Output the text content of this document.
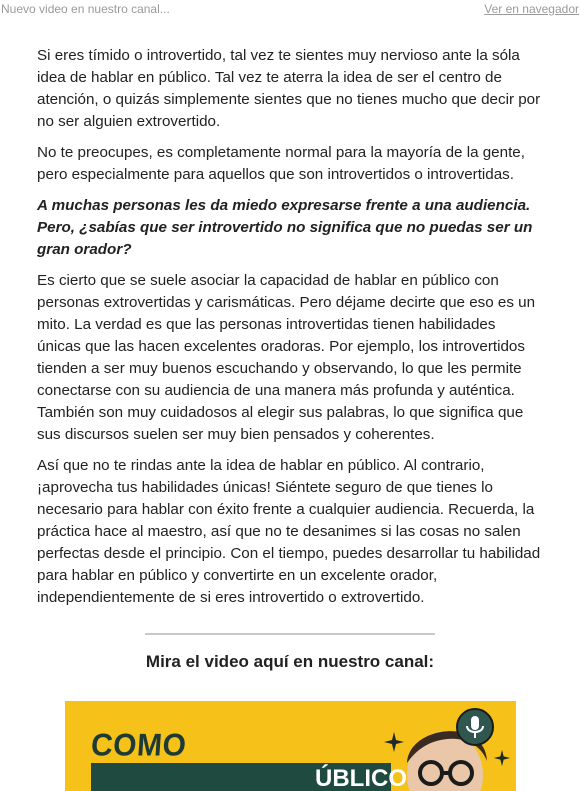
Nuevo video en nuestro canal...	Ver en navegador

Si eres tímido o introvertido, tal vez te sientes muy nervioso ante la sóla idea de hablar en público. Tal vez te aterra la idea de ser el centro de atención, o quizás simplemente sientes que no tienes mucho que decir por no ser alguien extrovertido.

No te preocupes, es completamente normal para la mayoría de la gente, pero especialmente para aquellos que son introvertidos o introvertidas.

A muchas personas les da miedo expresarse frente a una audiencia. Pero, ¿sabías que ser introvertido no significa que no puedas ser un gran orador?

Es cierto que se suele asociar la capacidad de hablar en público con personas extrovertidas y carismáticas. Pero déjame decirte que eso es un mito. La verdad es que las personas introvertidas tienen habilidades únicas que las hacen excelentes oradoras. Por ejemplo, los introvertidos tienden a ser muy buenos escuchando y observando, lo que les permite conectarse con su audiencia de una manera más profunda y auténtica. También son muy cuidadosos al elegir sus palabras, lo que significa que sus discursos suelen ser muy bien pensados y coherentes.

Así que no te rindas ante la idea de hablar en público. Al contrario, ¡aprovecha tus habilidades únicas! Siéntete seguro de que tienes lo necesario para hablar con éxito frente a cualquier audiencia. Recuerda, la práctica hace al maestro, así que no te desanimes si las cosas no salen perfectas desde el principio. Con el tiempo, puedes desarrollar tu habilidad para hablar en público y convertirte en un excelente orador, independientemente de si eres introvertido o extrovertido.

Mira el video aquí en nuestro canal:
COMO
ÚBLICO
